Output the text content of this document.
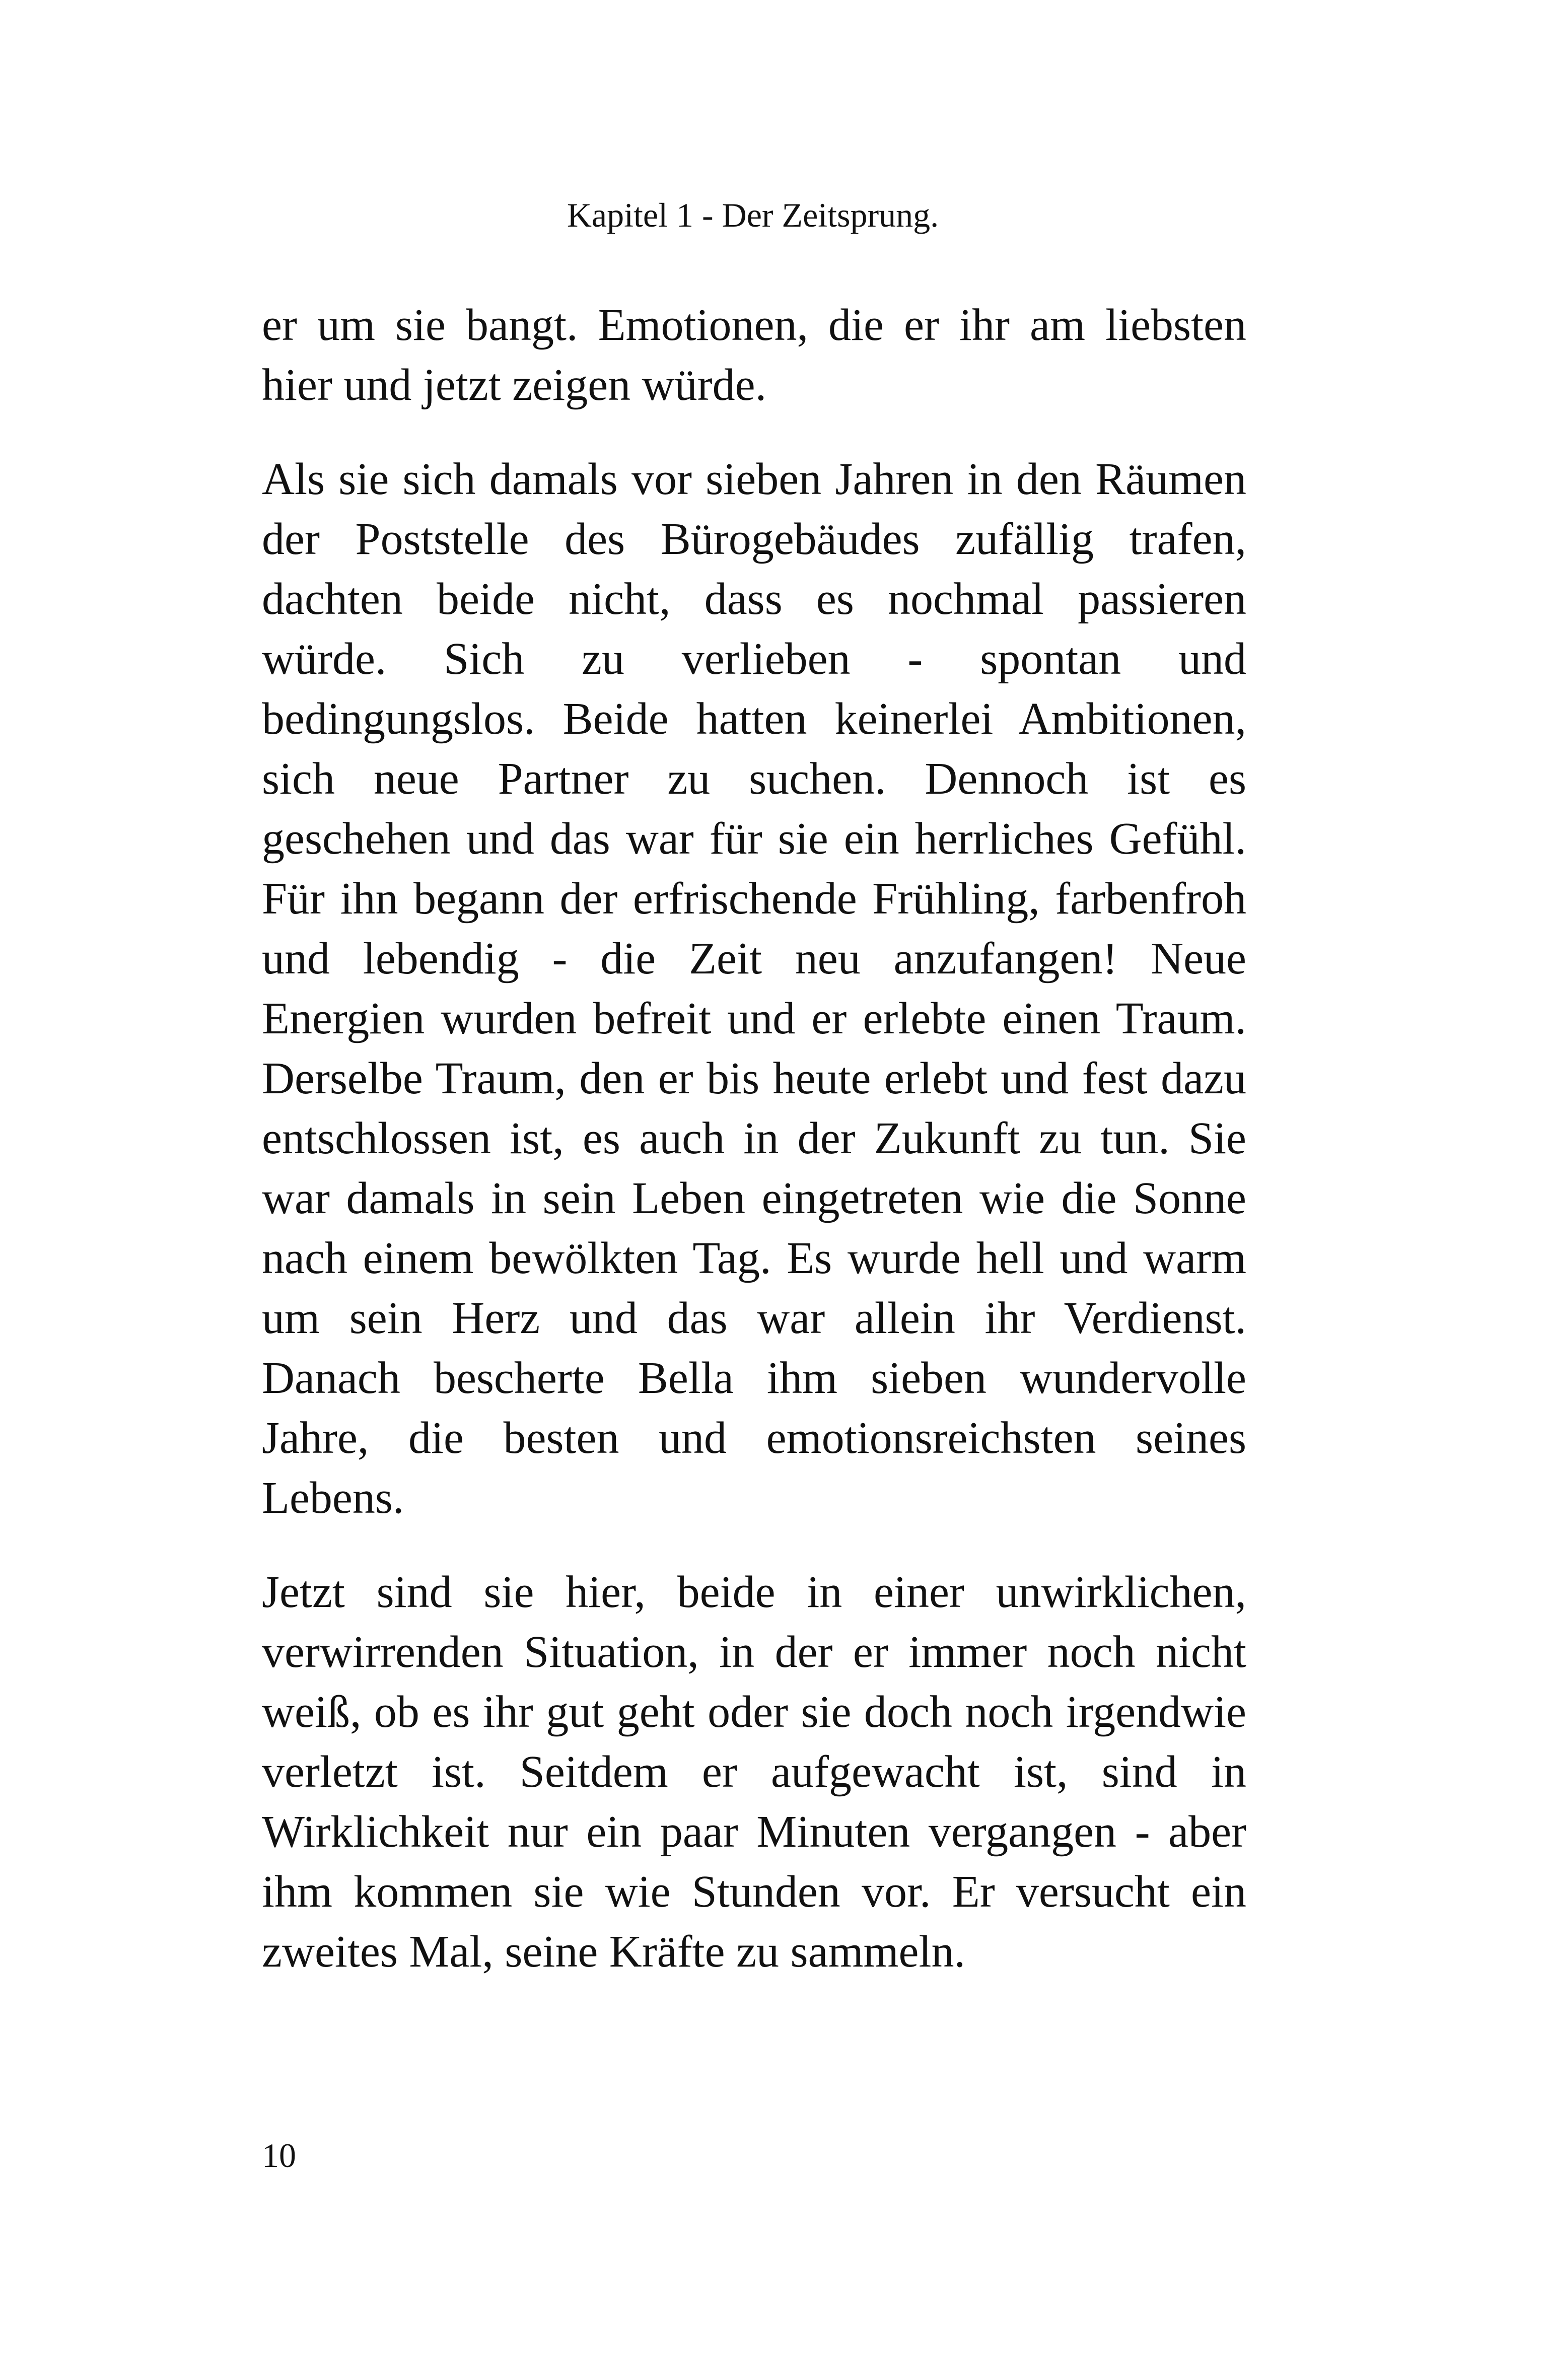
Kapitel 1 - Der Zeitsprung.

er um sie bangt. Emotionen, die er ihr am liebsten hier und jetzt zeigen würde.

Als sie sich damals vor sieben Jahren in den Räumen der Poststelle des Bürogebäudes zufällig trafen, dachten beide nicht, dass es nochmal passieren würde. Sich zu verlieben - spontan und bedingungslos. Beide hatten keinerlei Ambitionen, sich neue Partner zu suchen. Dennoch ist es geschehen und das war für sie ein herrliches Gefühl. Für ihn begann der erfrischende Frühling, farbenfroh und lebendig - die Zeit neu anzufangen! Neue Energien wurden befreit und er erlebte einen Traum. Derselbe Traum, den er bis heute erlebt und fest dazu entschlossen ist, es auch in der Zukunft zu tun. Sie war damals in sein Leben eingetreten wie die Sonne nach einem bewölkten Tag. Es wurde hell und warm um sein Herz und das war allein ihr Verdienst. Danach bescherte Bella ihm sieben wundervolle Jahre, die besten und emotionsreichsten seines Lebens.

Jetzt sind sie hier, beide in einer unwirklichen, verwirrenden Situation, in der er immer noch nicht weiß, ob es ihr gut geht oder sie doch noch irgendwie verletzt ist. Seitdem er aufgewacht ist, sind in Wirklichkeit nur ein paar Minuten vergangen - aber ihm kommen sie wie Stunden vor. Er versucht ein zweites Mal, seine Kräfte zu sammeln.

10
